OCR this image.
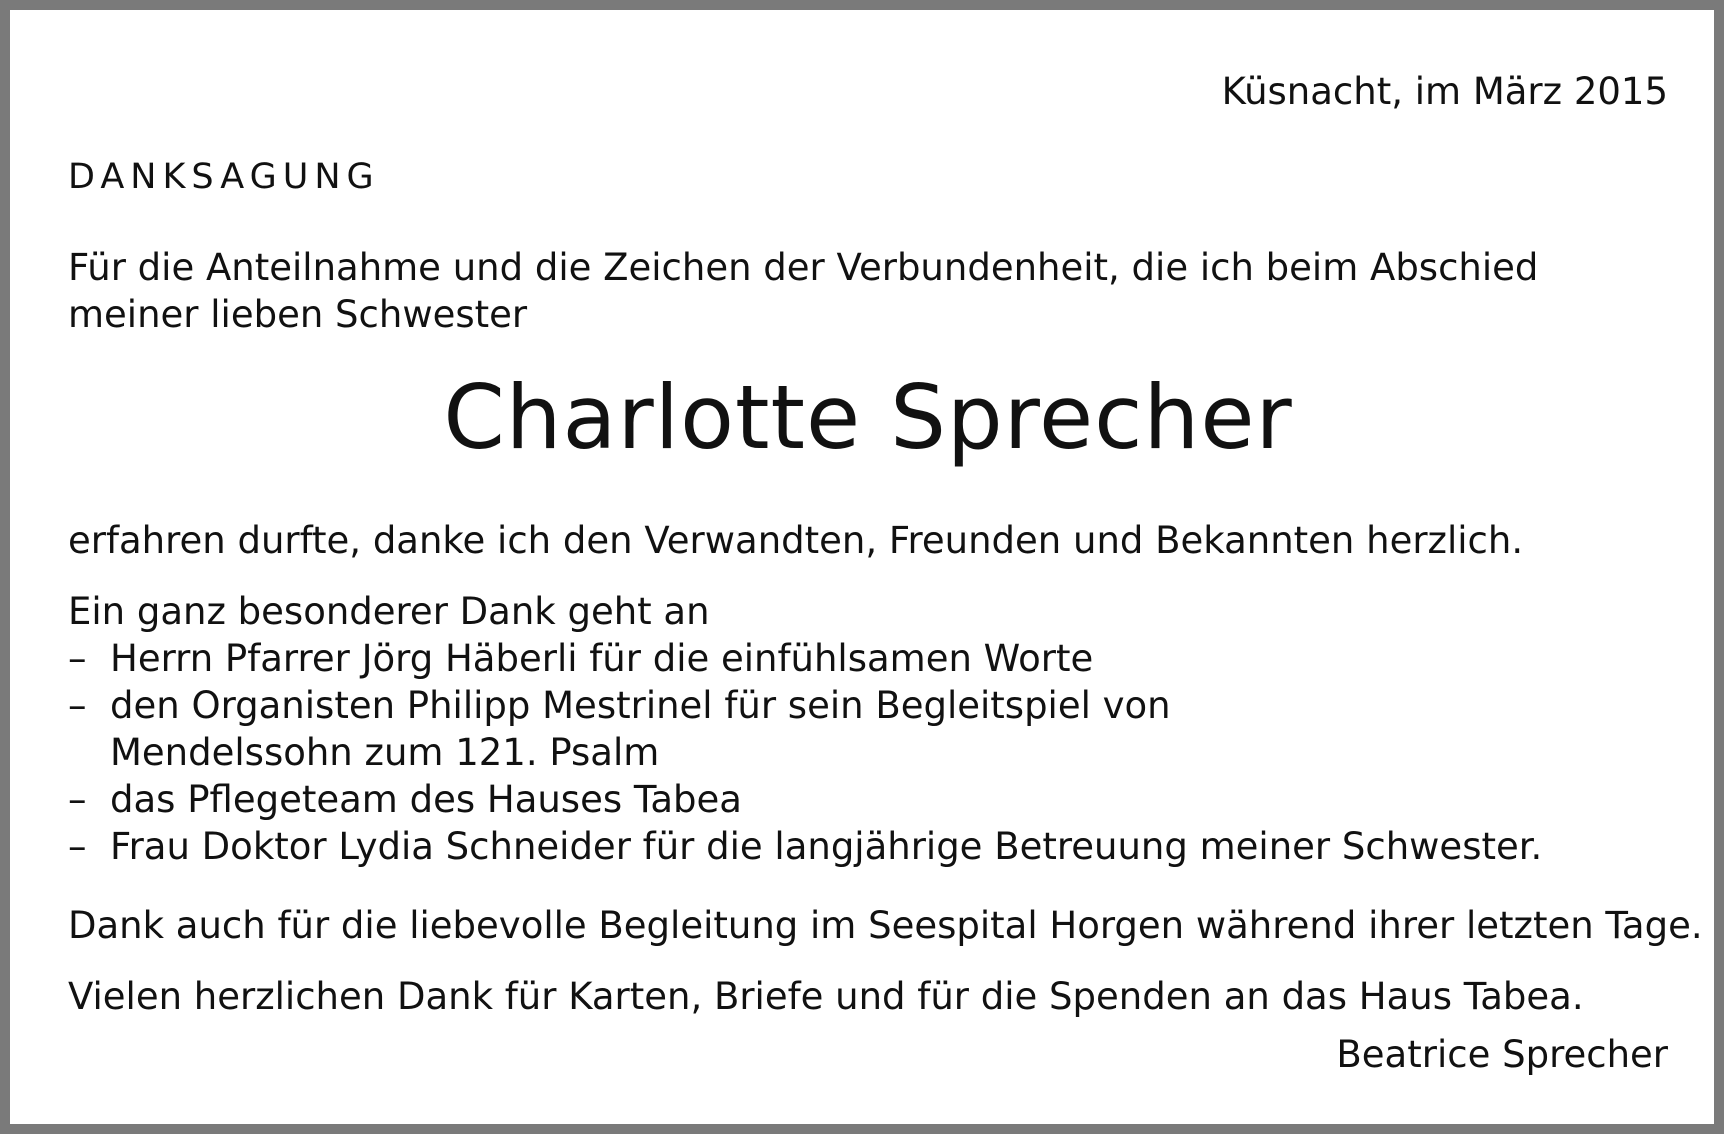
Küsnacht, im März 2015
DANKSAGUNG
Für die Anteilnahme und die Zeichen der Verbundenheit, die ich beim Abschied meiner lieben Schwester
Charlotte Sprecher
erfahren durfte, danke ich den Verwandten, Freunden und Bekannten herzlich.
Ein ganz besonderer Dank geht an
– Herrn Pfarrer Jörg Häberli für die einfühlsamen Worte
– den Organisten Philipp Mestrinel für sein Begleitspiel von Mendelssohn zum 121. Psalm
– das Pflegeteam des Hauses Tabea
– Frau Doktor Lydia Schneider für die langjährige Betreuung meiner Schwester.
Dank auch für die liebevolle Begleitung im Seespital Horgen während ihrer letzten Tage.
Vielen herzlichen Dank für Karten, Briefe und für die Spenden an das Haus Tabea.
Beatrice Sprecher
